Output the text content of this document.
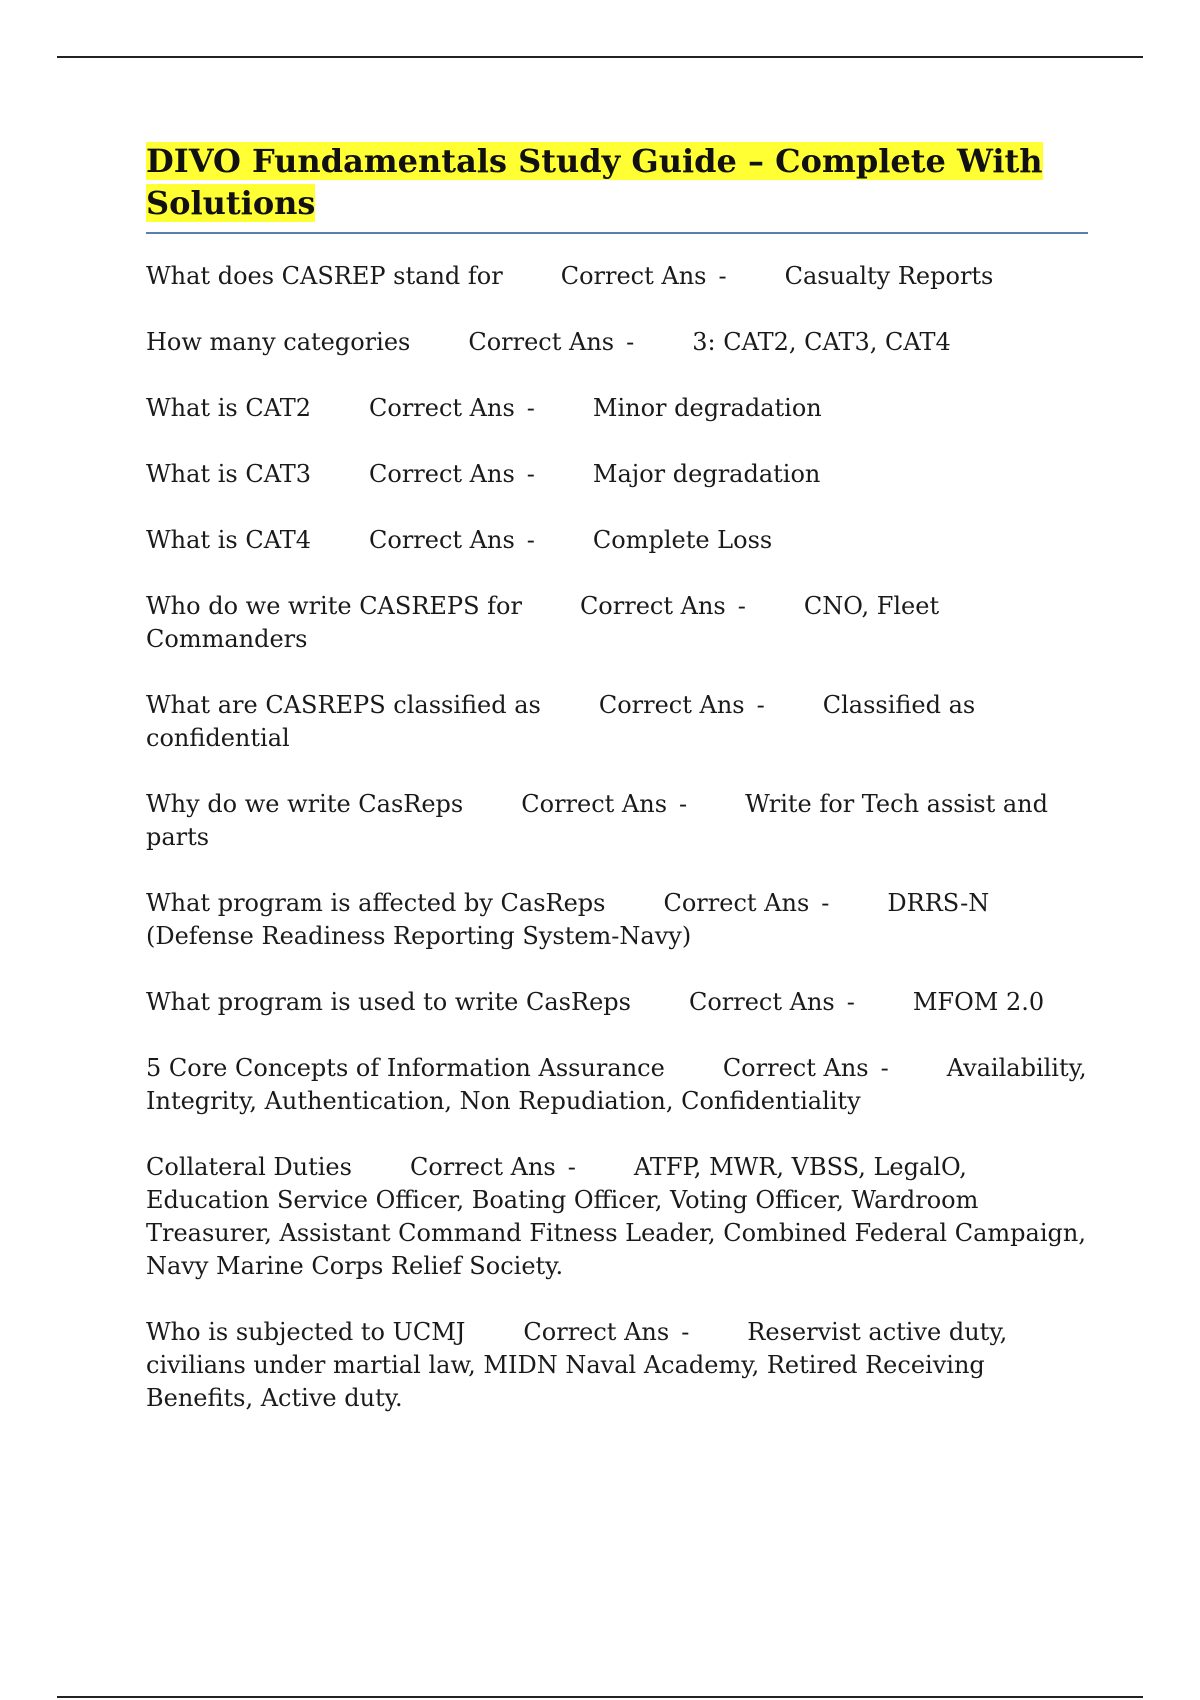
DIVO Fundamentals Study Guide – Complete With Solutions

What does CASREP stand for Correct Ans - Casualty Reports

How many categories Correct Ans - 3: CAT2, CAT3, CAT4

What is CAT2 Correct Ans - Minor degradation

What is CAT3 Correct Ans - Major degradation

What is CAT4 Correct Ans - Complete Loss

Who do we write CASREPS for Correct Ans - CNO, Fleet Commanders

What are CASREPS classified as Correct Ans - Classified as confidential

Why do we write CasReps Correct Ans - Write for Tech assist and parts

What program is affected by CasReps Correct Ans - DRRS-N (Defense Readiness Reporting System-Navy)

What program is used to write CasReps Correct Ans - MFOM 2.0

5 Core Concepts of Information Assurance Correct Ans - Availability, Integrity, Authentication, Non Repudiation, Confidentiality

Collateral Duties Correct Ans - ATFP, MWR, VBSS, LegalO, Education Service Officer, Boating Officer, Voting Officer, Wardroom Treasurer, Assistant Command Fitness Leader, Combined Federal Campaign, Navy Marine Corps Relief Society.

Who is subjected to UCMJ Correct Ans - Reservist active duty, civilians under martial law, MIDN Naval Academy, Retired Receiving Benefits, Active duty.
